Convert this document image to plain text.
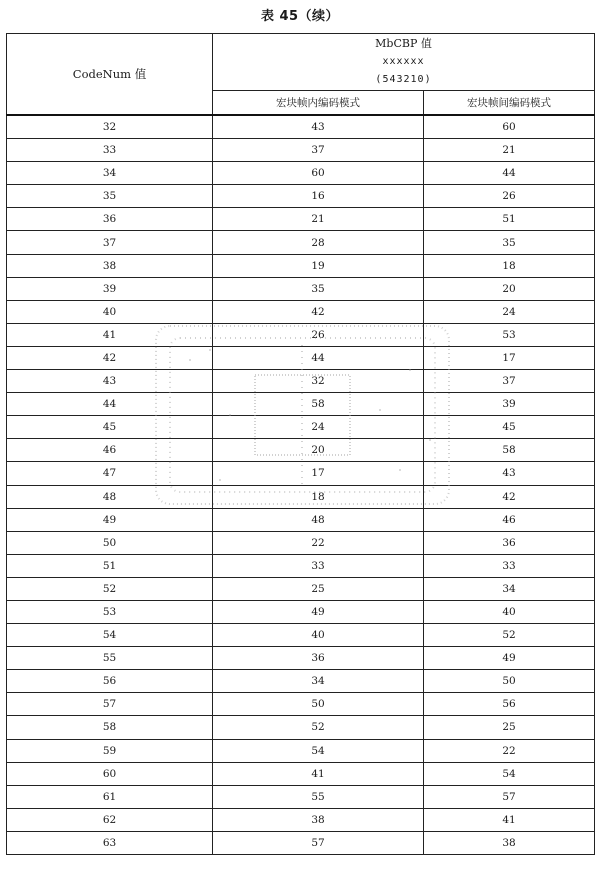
表 45（续）
CodeNum 值	MbCBP 值
xxxxxx
(543210)	

	宏块帧内编码模式	宏块帧间编码模式
32	43	60
33	37	21
34	60	44
35	16	26
36	21	51
37	28	35
38	19	18
39	35	20
40	42	24
41	26	53
42	44	17
43	32	37
44	58	39
45	24	45
46	20	58
47	17	43
48	18	42
49	48	46
50	22	36
51	33	33
52	25	34
53	49	40
54	40	52
55	36	49
56	34	50
57	50	56
58	52	25
59	54	22
60	41	54
61	55	57
62	38	41
63	57	38
